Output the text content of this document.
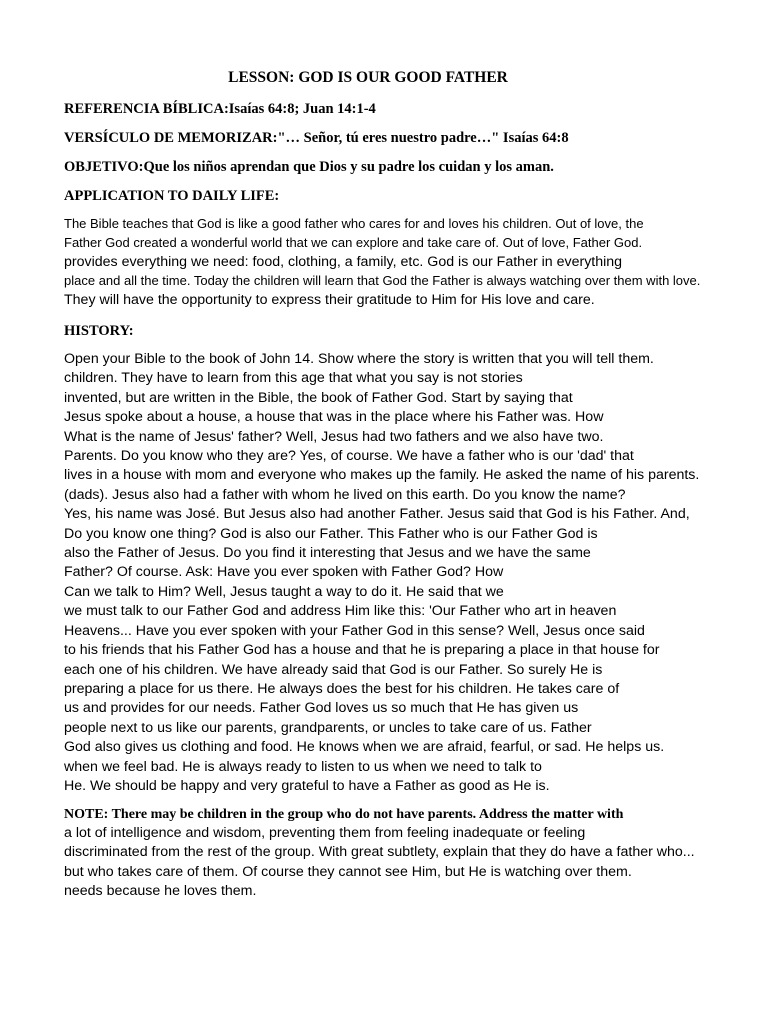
LESSON: GOD IS OUR GOOD FATHER
REFERENCIA BÍBLICA:Isaías 64:8; Juan 14:1-4
VERSÍCULO DE MEMORIZAR:"… Señor, tú eres nuestro padre…" Isaías 64:8
OBJETIVO:Que los niños aprendan que Dios y su padre los cuidan y los aman.
APPLICATION TO DAILY LIFE:
The Bible teaches that God is like a good father who cares for and loves his children. Out of love, the
Father God created a wonderful world that we can explore and take care of. Out of love, Father God.
provides everything we need: food, clothing, a family, etc. God is our Father in everything
place and all the time. Today the children will learn that God the Father is always watching over them with love.
They will have the opportunity to express their gratitude to Him for His love and care.
HISTORY:
Open your Bible to the book of John 14. Show where the story is written that you will tell them.
children. They have to learn from this age that what you say is not stories
invented, but are written in the Bible, the book of Father God. Start by saying that
Jesus spoke about a house, a house that was in the place where his Father was. How
What is the name of Jesus' father? Well, Jesus had two fathers and we also have two.
Parents. Do you know who they are? Yes, of course. We have a father who is our 'dad' that
lives in a house with mom and everyone who makes up the family. He asked the name of his parents.
(dads). Jesus also had a father with whom he lived on this earth. Do you know the name?
Yes, his name was José. But Jesus also had another Father. Jesus said that God is his Father. And,
Do you know one thing? God is also our Father. This Father who is our Father God is
also the Father of Jesus. Do you find it interesting that Jesus and we have the same
Father? Of course. Ask: Have you ever spoken with Father God? How
Can we talk to Him? Well, Jesus taught a way to do it. He said that we
we must talk to our Father God and address Him like this: 'Our Father who art in heaven
Heavens... Have you ever spoken with your Father God in this sense? Well, Jesus once said
to his friends that his Father God has a house and that he is preparing a place in that house for
each one of his children. We have already said that God is our Father. So surely He is
preparing a place for us there. He always does the best for his children. He takes care of
us and provides for our needs. Father God loves us so much that He has given us
people next to us like our parents, grandparents, or uncles to take care of us. Father
God also gives us clothing and food. He knows when we are afraid, fearful, or sad. He helps us.
when we feel bad. He is always ready to listen to us when we need to talk to
He. We should be happy and very grateful to have a Father as good as He is.
NOTE: There may be children in the group who do not have parents. Address the matter with
a lot of intelligence and wisdom, preventing them from feeling inadequate or feeling
discriminated from the rest of the group. With great subtlety, explain that they do have a father who...
but who takes care of them. Of course they cannot see Him, but He is watching over them.
needs because he loves them.
